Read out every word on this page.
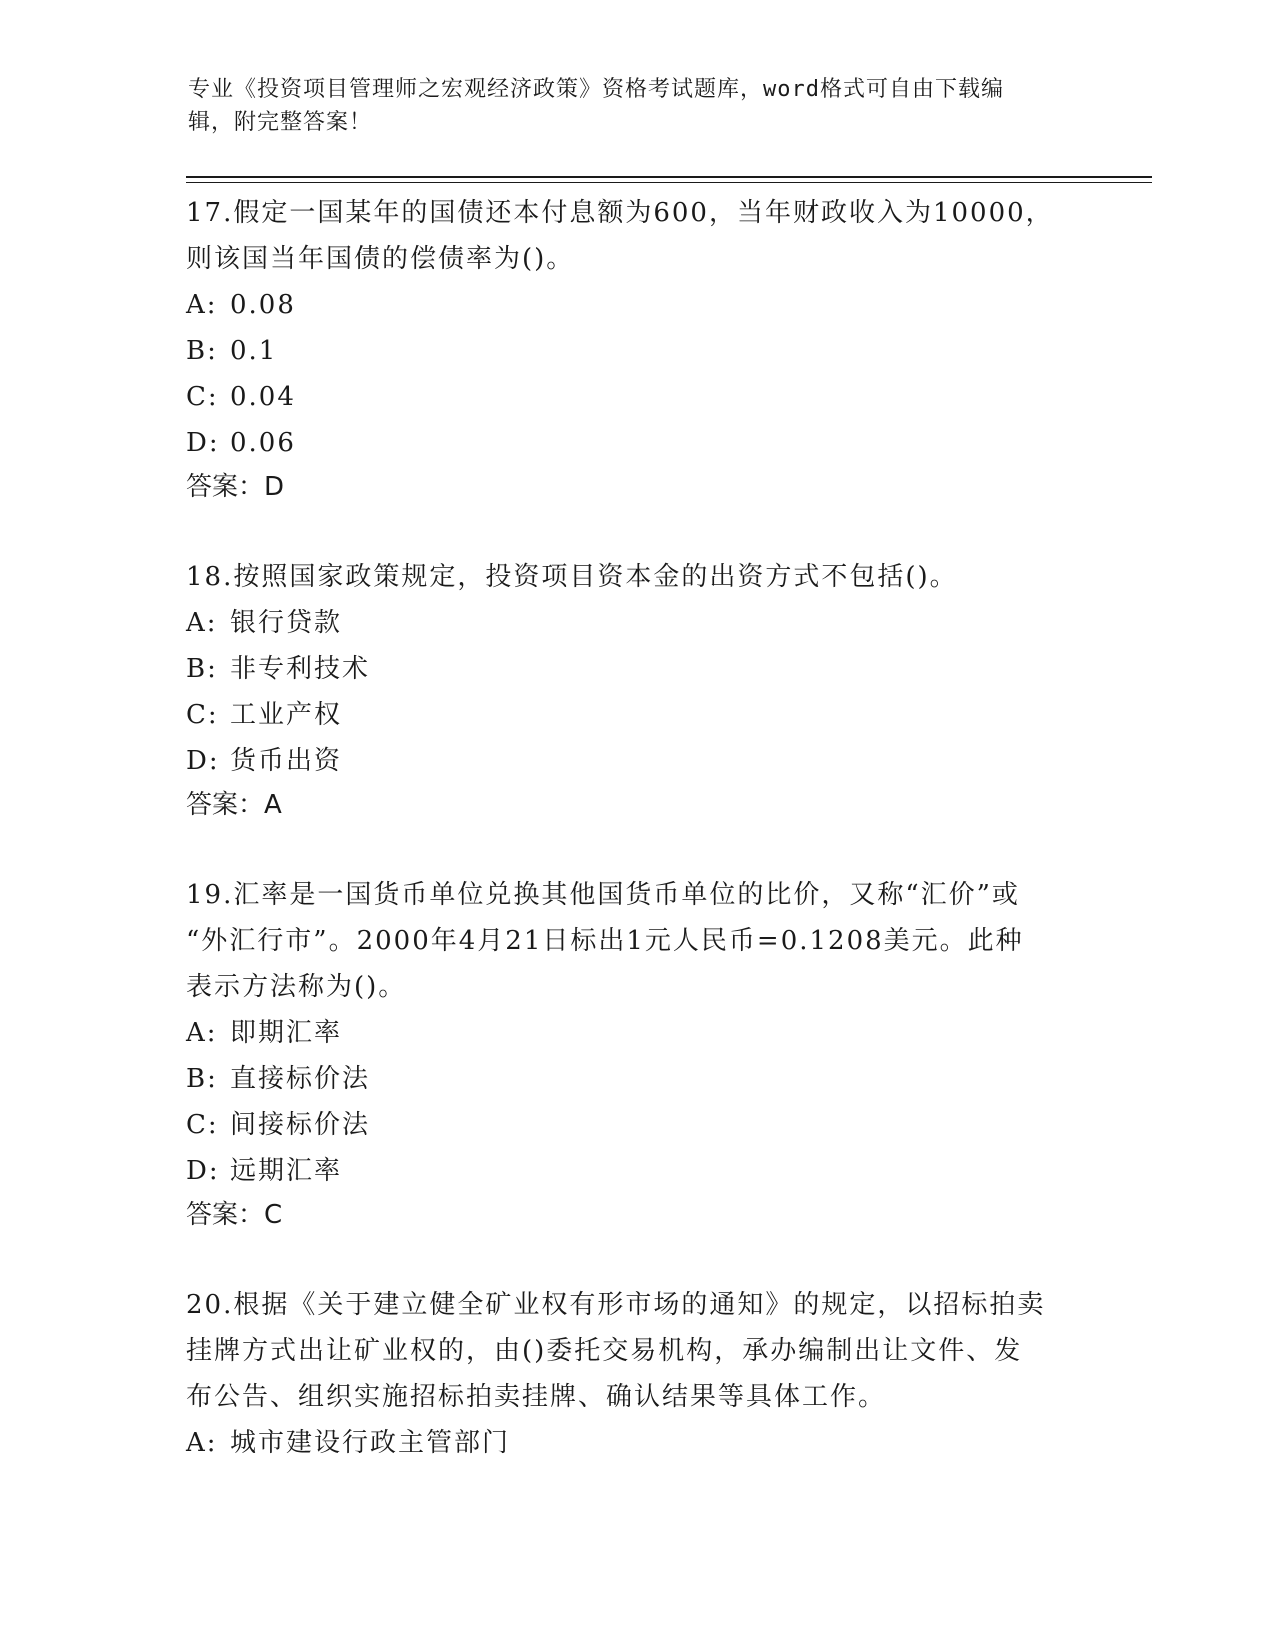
专业《投资项目管理师之宏观经济政策》资格考试题库，word格式可自由下载编
辑，附完整答案！
17.假定一国某年的国债还本付息额为600，当年财政收入为10000，
则该国当年国债的偿债率为()。
A: 0.08
B: 0.1
C: 0.04
D: 0.06
答案：D
18.按照国家政策规定，投资项目资本金的出资方式不包括()。
A: 银行贷款
B: 非专利技术
C: 工业产权
D: 货币出资
答案：A
19.汇率是一国货币单位兑换其他国货币单位的比价，又称“汇价”或
“外汇行市”。2000年4月21日标出1元人民币=0.1208美元。此种
表示方法称为()。
A: 即期汇率
B: 直接标价法
C: 间接标价法
D: 远期汇率
答案：C
20.根据《关于建立健全矿业权有形市场的通知》的规定，以招标拍卖
挂牌方式出让矿业权的，由()委托交易机构，承办编制出让文件、发
布公告、组织实施招标拍卖挂牌、确认结果等具体工作。
A: 城市建设行政主管部门
